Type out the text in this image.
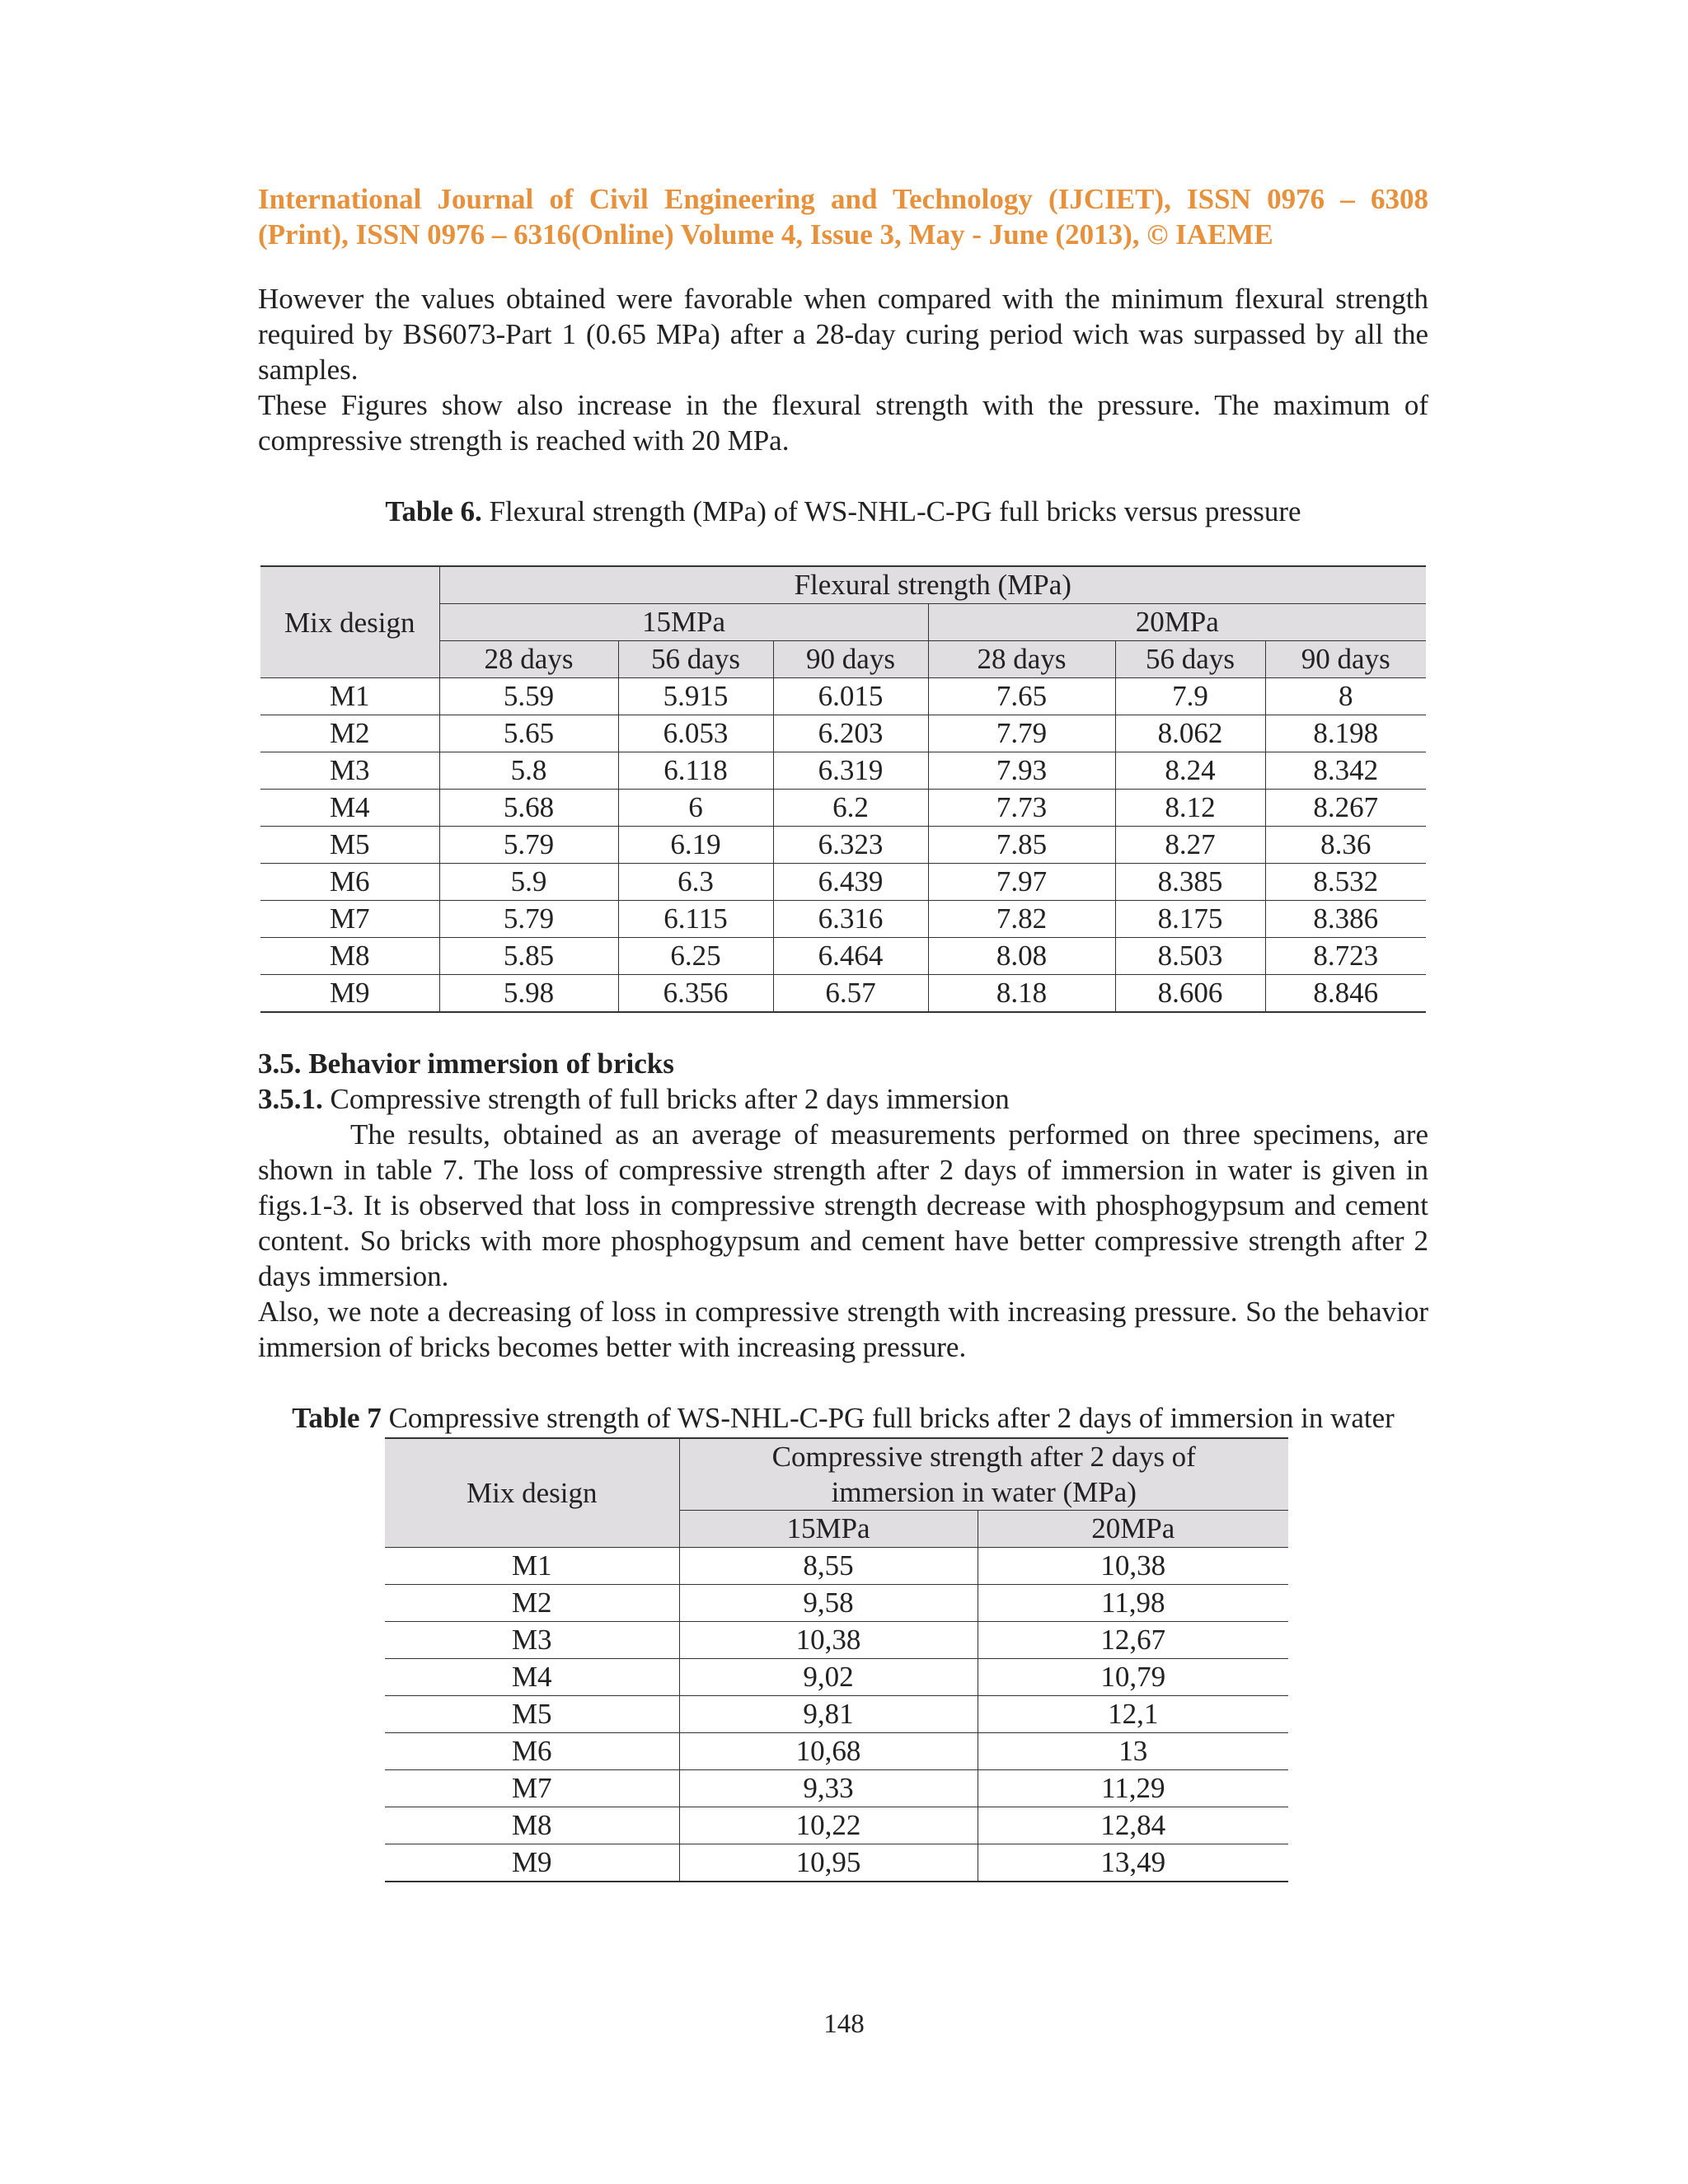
International Journal of Civil Engineering and Technology (IJCIET), ISSN 0976 – 6308
(Print), ISSN 0976 – 6316(Online) Volume 4, Issue 3, May - June (2013), © IAEME

However the values obtained were favorable when compared with the minimum flexural strength required by BS6073-Part 1 (0.65 MPa) after a 28-day curing period wich was surpassed by all the samples.

These Figures show also increase in the flexural strength with the pressure. The maximum of compressive strength is reached with 20 MPa.

Table 6. Flexural strength (MPa) of WS-NHL-C-PG full bricks versus pressure

Mix design	Flexural strength (MPa)					
	15MPa			20MPa		
	28 days	56 days	90 days	28 days	56 days	90 days
M1	5.59	5.915	6.015	7.65	7.9	8
M2	5.65	6.053	6.203	7.79	8.062	8.198
M3	5.8	6.118	6.319	7.93	8.24	8.342
M4	5.68	6	6.2	7.73	8.12	8.267
M5	5.79	6.19	6.323	7.85	8.27	8.36
M6	5.9	6.3	6.439	7.97	8.385	8.532
M7	5.79	6.115	6.316	7.82	8.175	8.386
M8	5.85	6.25	6.464	8.08	8.503	8.723
M9	5.98	6.356	6.57	8.18	8.606	8.846

3.5. Behavior immersion of bricks

3.5.1. Compressive strength of full bricks after 2 days immersion

The results, obtained as an average of measurements performed on three specimens, are shown in table 7. The loss of compressive strength after 2 days of immersion in water is given in figs.1-3. It is observed that loss in compressive strength decrease with phosphogypsum and cement content. So bricks with more phosphogypsum and cement have better compressive strength after 2 days immersion.

Also, we note a decreasing of loss in compressive strength with increasing pressure. So the behavior immersion of bricks becomes better with increasing pressure.

Table 7 Compressive strength of WS-NHL-C-PG full bricks after 2 days of immersion in water

Mix design	Compressive strength after 2 days of
immersion in water (MPa)	

	15MPa	20MPa
M1	8,55	10,38
M2	9,58	11,98
M3	10,38	12,67
M4	9,02	10,79
M5	9,81	12,1
M6	10,68	13
M7	9,33	11,29
M8	10,22	12,84
M9	10,95	13,49
148
